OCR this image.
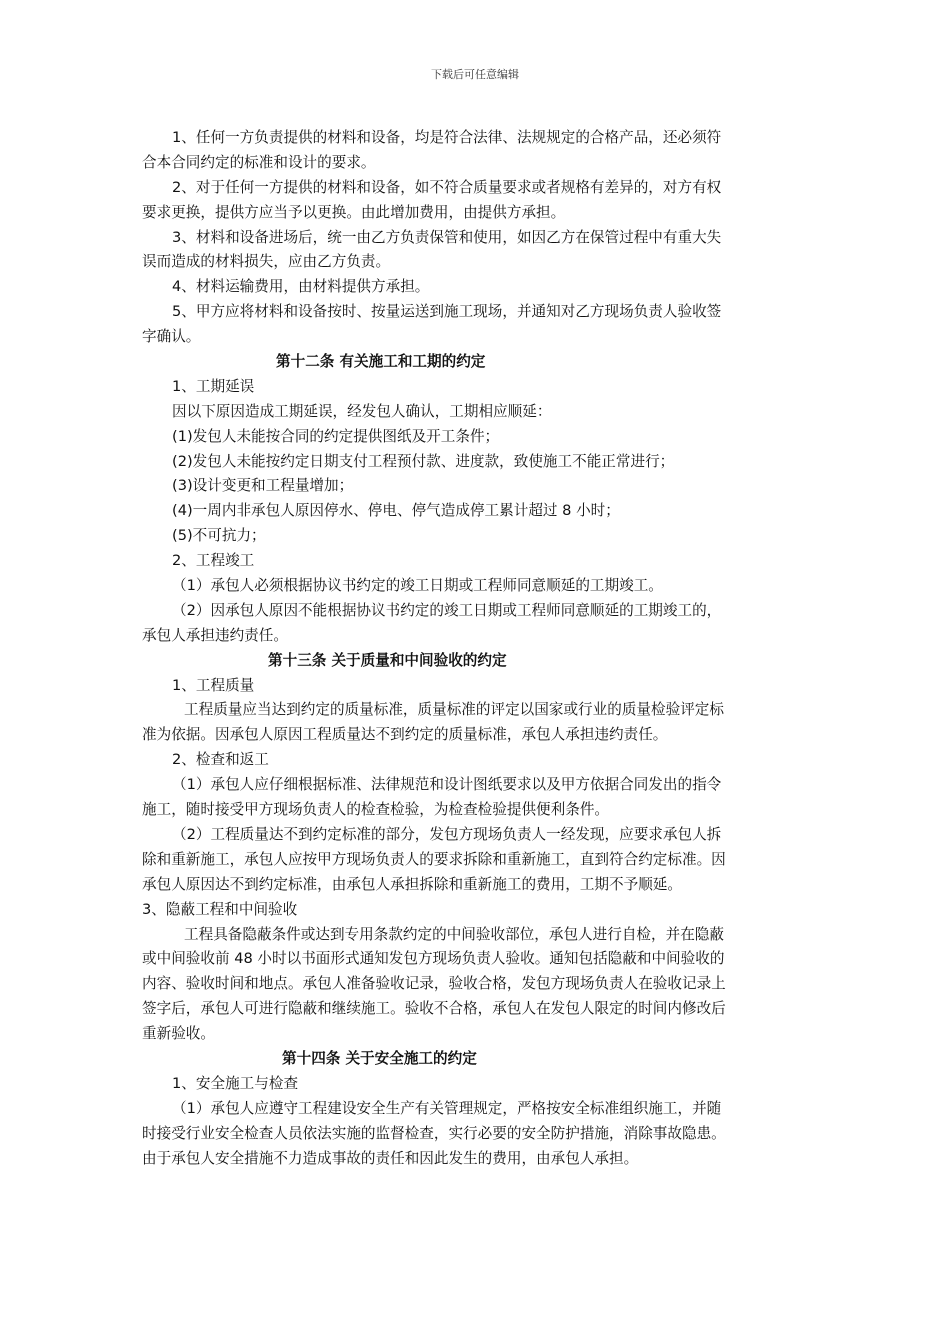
下载后可任意编辑
1、任何一方负责提供的材料和设备，均是符合法律、法规规定的合格产品，还必须符
合本合同约定的标准和设计的要求。
2、对于任何一方提供的材料和设备，如不符合质量要求或者规格有差异的，对方有权
要求更换，提供方应当予以更换。由此增加费用，由提供方承担。
3、材料和设备进场后，统一由乙方负责保管和使用，如因乙方在保管过程中有重大失
误而造成的材料损失，应由乙方负责。
4、材料运输费用，由材料提供方承担。
5、甲方应将材料和设备按时、按量运送到施工现场，并通知对乙方现场负责人验收签
字确认。
第十二条 有关施工和工期的约定
1、工期延误
因以下原因造成工期延误，经发包人确认，工期相应顺延：
(1)发包人未能按合同的约定提供图纸及开工条件；
(2)发包人未能按约定日期支付工程预付款、进度款，致使施工不能正常进行；
(3)设计变更和工程量增加；
(4)一周内非承包人原因停水、停电、停气造成停工累计超过 8 小时；
(5)不可抗力；
2、工程竣工
（1）承包人必须根据协议书约定的竣工日期或工程师同意顺延的工期竣工。
（2）因承包人原因不能根据协议书约定的竣工日期或工程师同意顺延的工期竣工的，
承包人承担违约责任。
第十三条 关于质量和中间验收的约定
1、工程质量
工程质量应当达到约定的质量标准，质量标准的评定以国家或行业的质量检验评定标
准为依据。因承包人原因工程质量达不到约定的质量标准，承包人承担违约责任。
2、检查和返工
（1）承包人应仔细根据标准、法律规范和设计图纸要求以及甲方依据合同发出的指令
施工，随时接受甲方现场负责人的检查检验，为检查检验提供便利条件。
（2）工程质量达不到约定标准的部分，发包方现场负责人一经发现，应要求承包人拆
除和重新施工，承包人应按甲方现场负责人的要求拆除和重新施工，直到符合约定标准。因
承包人原因达不到约定标准，由承包人承担拆除和重新施工的费用，工期不予顺延。
3、隐蔽工程和中间验收
工程具备隐蔽条件或达到专用条款约定的中间验收部位，承包人进行自检，并在隐蔽
或中间验收前 48 小时以书面形式通知发包方现场负责人验收。通知包括隐蔽和中间验收的
内容、验收时间和地点。承包人准备验收记录，验收合格，发包方现场负责人在验收记录上
签字后，承包人可进行隐蔽和继续施工。验收不合格，承包人在发包人限定的时间内修改后
重新验收。
第十四条 关于安全施工的约定
1、安全施工与检查
（1）承包人应遵守工程建设安全生产有关管理规定，严格按安全标准组织施工，并随
时接受行业安全检查人员依法实施的监督检查，实行必要的安全防护措施，消除事故隐患。
由于承包人安全措施不力造成事故的责任和因此发生的费用，由承包人承担。
